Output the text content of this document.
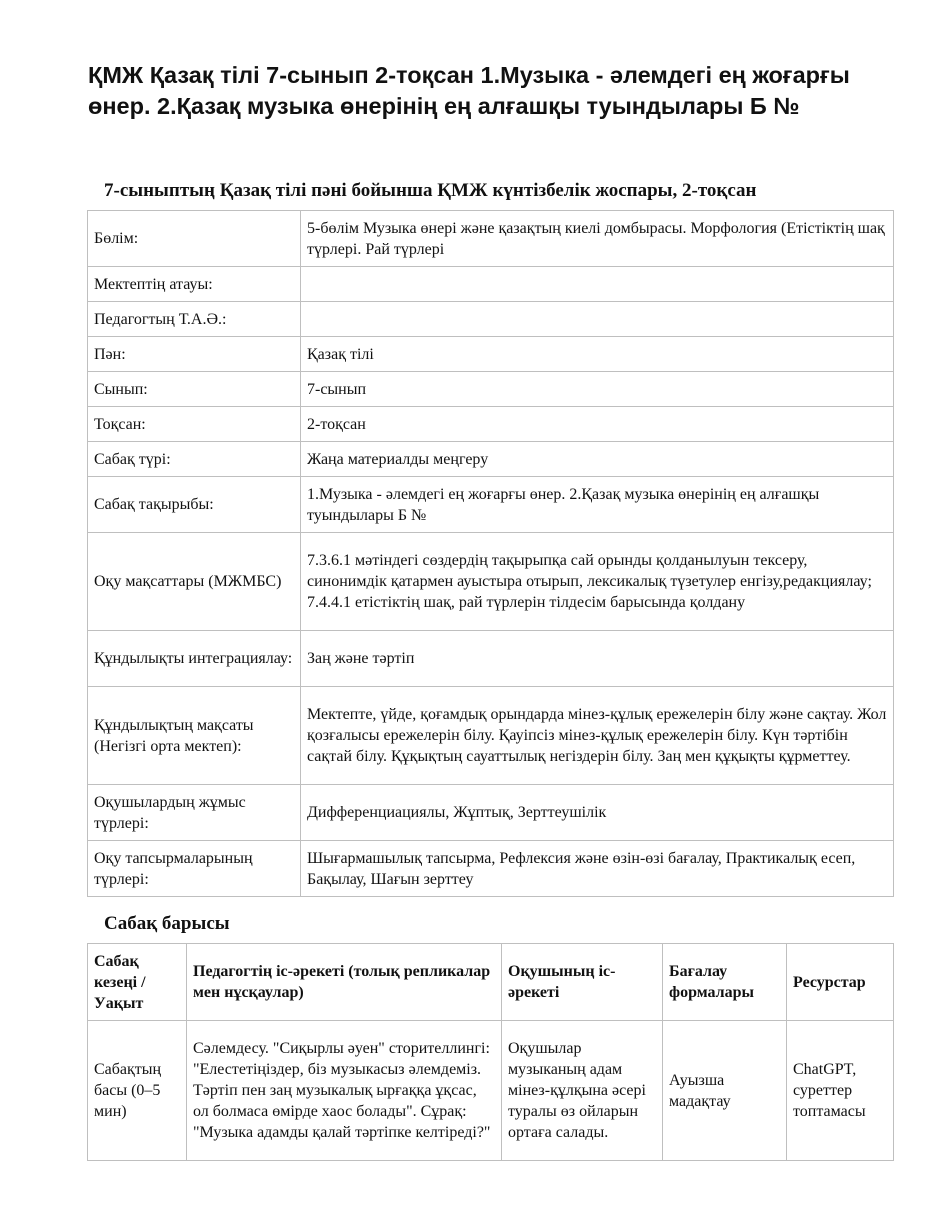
ҚМЖ Қазақ тілі 7-сынып 2-тоқсан 1.Музыка - әлемдегі ең жоғарғы өнер. 2.Қазақ музыка өнерінің ең алғашқы туындылары Б №
7-сыныптың Қазақ тілі пәні бойынша ҚМЖ күнтізбелік жоспары, 2-тоқсан
Бөлім:	5-бөлім Музыка өнері және қазақтың киелі домбырасы. Морфология (Етістіктің шақ түрлері. Рай түрлері
Мектептің атауы:	
Педагогтың Т.А.Ә.:	
Пән:	Қазақ тілі
Сынып:	7-сынып
Тоқсан:	2-тоқсан
Сабақ түрі:	Жаңа материалды меңгеру
Сабақ тақырыбы:	1.Музыка - әлемдегі ең жоғарғы өнер. 2.Қазақ музыка өнерінің ең алғашқы туындылары Б №
Оқу мақсаттары (МЖМБС)	7.3.6.1 мәтіндегі сөздердің тақырыпқа сай орынды қолданылуын тексеру, синонимдік қатармен ауыстыра отырып, лексикалық түзетулер енгізу,редакциялау; 7.4.4.1 етістіктің шақ, рай түрлерін тілдесім барысында қолдану
Құндылықты интеграциялау:	Заң және тәртіп
Құндылықтың мақсаты (Негізгі орта мектеп):	Мектепте, үйде, қоғамдық орындарда мінез-құлық ережелерін білу және сақтау. Жол қозғалысы ережелерін білу. Қауіпсіз мінез-құлық ережелерін білу. Күн тәртібін сақтай білу. Құқықтың сауаттылық негіздерін білу. Заң мен құқықты құрметтеу.
Оқушылардың жұмыс түрлері:	Дифференциациялы, Жұптық, Зерттеушілік
Оқу тапсырмаларының түрлері:	Шығармашылық тапсырма, Рефлексия және өзін-өзі бағалау, Практикалық есеп, Бақылау, Шағын зерттеу
Сабақ барысы
Сабақ кезеңі / Уақыт	Педагогтің іс-әрекеті (толық репликалар мен нұсқаулар)	Оқушының іс-әрекеті	Бағалау формалары	Ресурстар
Сабақтың басы (0–5 мин)	Сәлемдесу. "Сиқырлы әуен" сторителлингі: "Елестетіңіздер, біз музыкасыз әлемдеміз. Тәртіп пен заң музыкалық ырғаққа ұқсас, ол болмаса өмірде хаос болады". Сұрақ: "Музыка адамды қалай тәртіпке келтіреді?"	Оқушылар музыканың адам мінез-құлқына әсері туралы өз ойларын ортаға салады.	Ауызша мадақтау	ChatGPT, суреттер топтамасы
